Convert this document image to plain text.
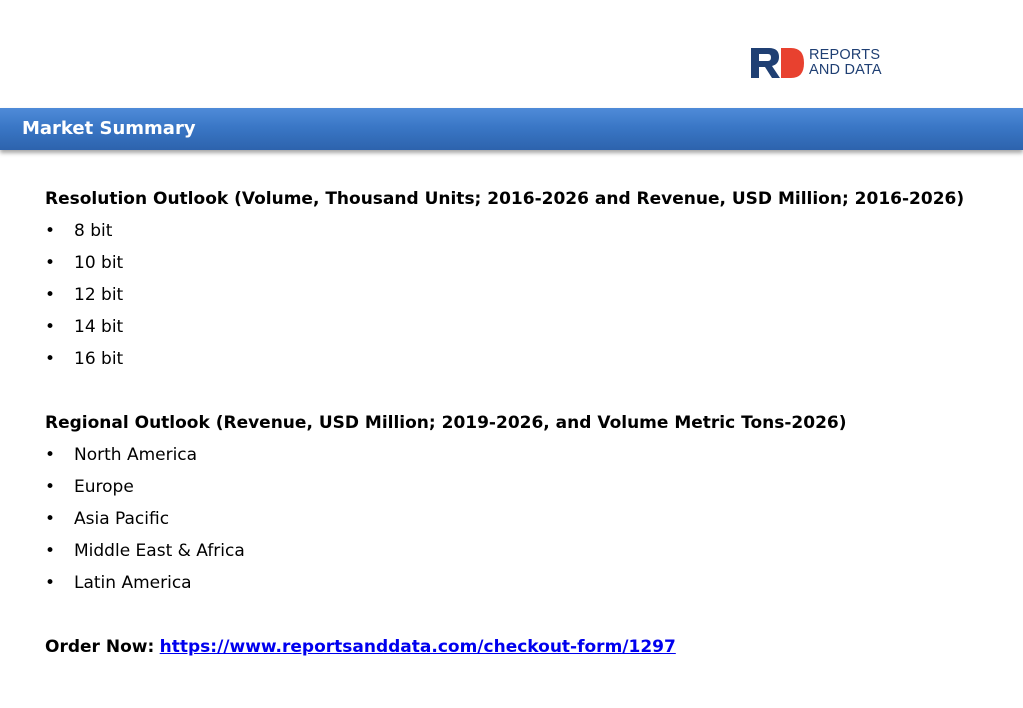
REPORTS
AND DATA
Market Summary

Resolution Outlook (Volume, Thousand Units; 2016-2026 and Revenue, USD Million; 2016-2026)

• 8 bit
• 10 bit
• 12 bit
• 14 bit
• 16 bit

Regional Outlook (Revenue, USD Million; 2019-2026, and Volume Metric Tons-2026)

• North America
• Europe
• Asia Pacific
• Middle East & Africa
• Latin America
Order Now: https://www.reportsanddata.com/checkout-form/1297
